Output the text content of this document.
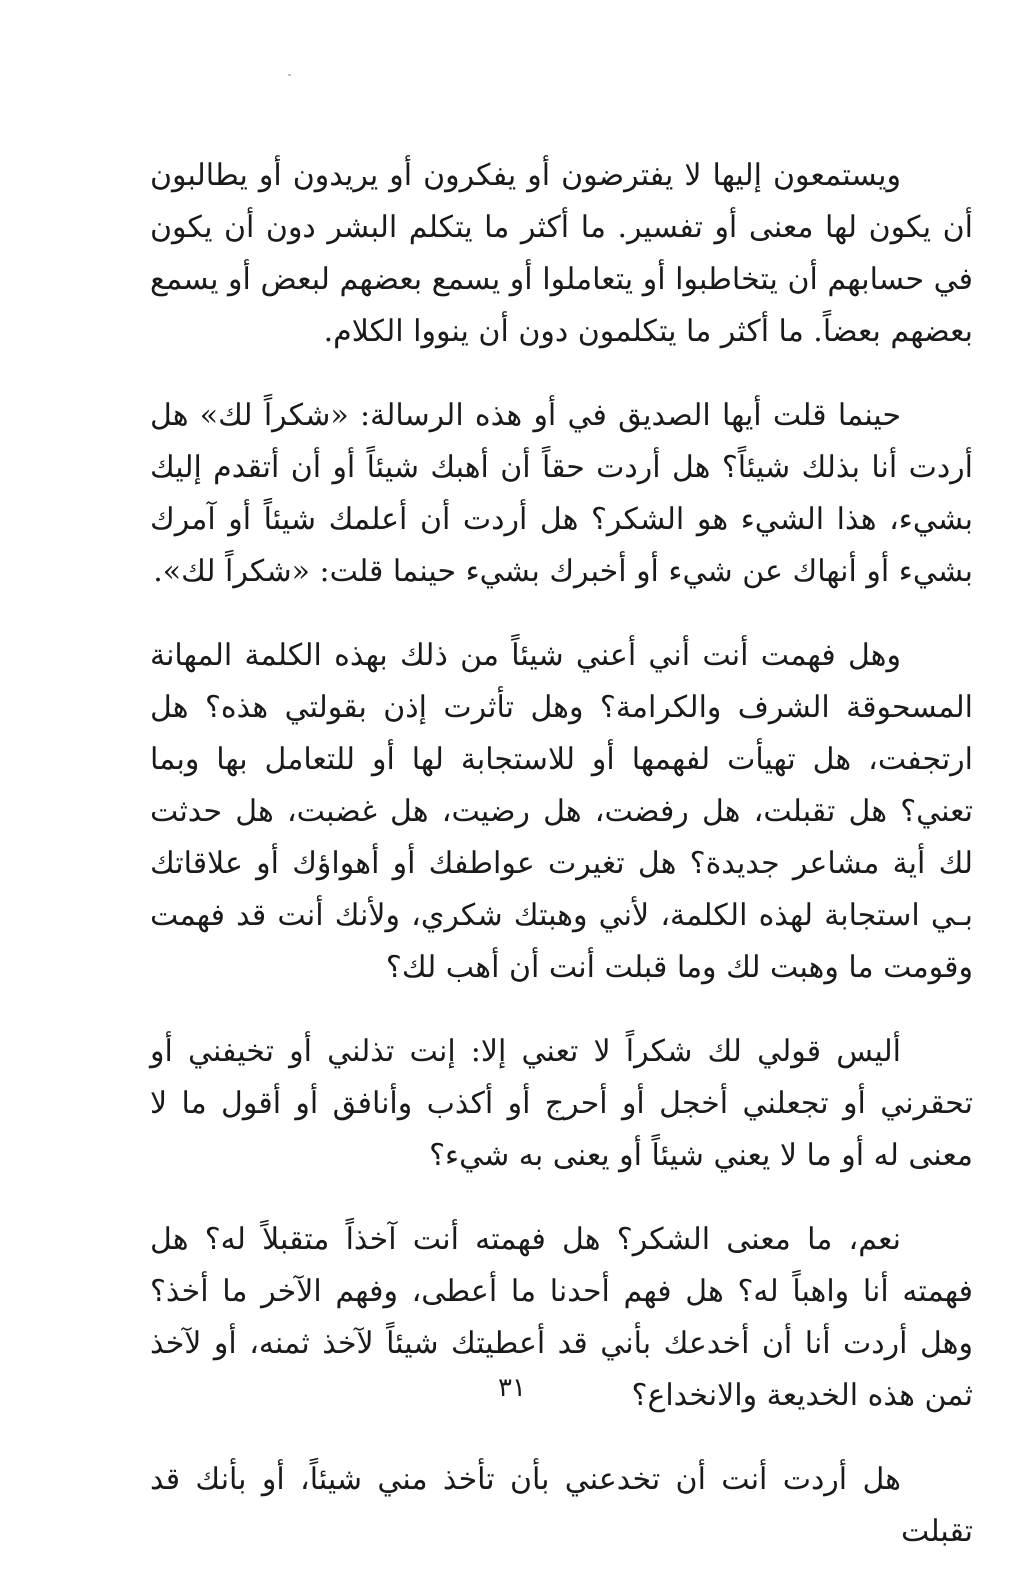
ويستمعون إليها لا يفترضون أو يفكرون أو يريدون أو يطالبون أن يكون لها معنى أو تفسير. ما أكثر ما يتكلم البشر دون أن يكون في حسابهم أن يتخاطبوا أو يتعاملوا أو يسمع بعضهم لبعض أو يسمع بعضهم بعضاً. ما أكثر ما يتكلمون دون أن ينووا الكلام.

حينما قلت أيها الصديق في أو هذه الرسالة: «شكراً لك» هل أردت أنا بذلك شيئاً؟ هل أردت حقاً أن أهبك شيئاً أو أن أتقدم إليك بشيء، هذا الشيء هو الشكر؟ هل أردت أن أعلمك شيئاً أو آمرك بشيء أو أنهاك عن شيء أو أخبرك بشيء حينما قلت: «شكراً لك».

وهل فهمت أنت أني أعني شيئاً من ذلك بهذه الكلمة المهانة المسحوقة الشرف والكرامة؟ وهل تأثرت إذن بقولتي هذه؟ هل ارتجفت، هل تهيأت لفهمها أو للاستجابة لها أو للتعامل بها وبما تعني؟ هل تقبلت، هل رفضت، هل رضيت، هل غضبت، هل حدثت لك أية مشاعر جديدة؟ هل تغيرت عواطفك أو أهواؤك أو علاقاتك بـي استجابة لهذه الكلمة، لأني وهبتك شكري، ولأنك أنت قد فهمت وقومت ما وهبت لك وما قبلت أنت أن أهب لك؟

أليس قولي لك شكراً لا تعني إلا: إنت تذلني أو تخيفني أو تحقرني أو تجعلني أخجل أو أحرج أو أكذب وأنافق أو أقول ما لا معنى له أو ما لا يعني شيئاً أو يعنى به شيء؟

نعم، ما معنى الشكر؟ هل فهمته أنت آخذاً متقبلاً له؟ هل فهمته أنا واهباً له؟ هل فهم أحدنا ما أعطى، وفهم الآخر ما أخذ؟ وهل أردت أنا أن أخدعك بأني قد أعطيتك شيئاً لآخذ ثمنه، أو لآخذ ثمن هذه الخديعة والانخداع؟

هل أردت أنت أن تخدعني بأن تأخذ مني شيئاً، أو بأنك قد تقبلت

٣١
